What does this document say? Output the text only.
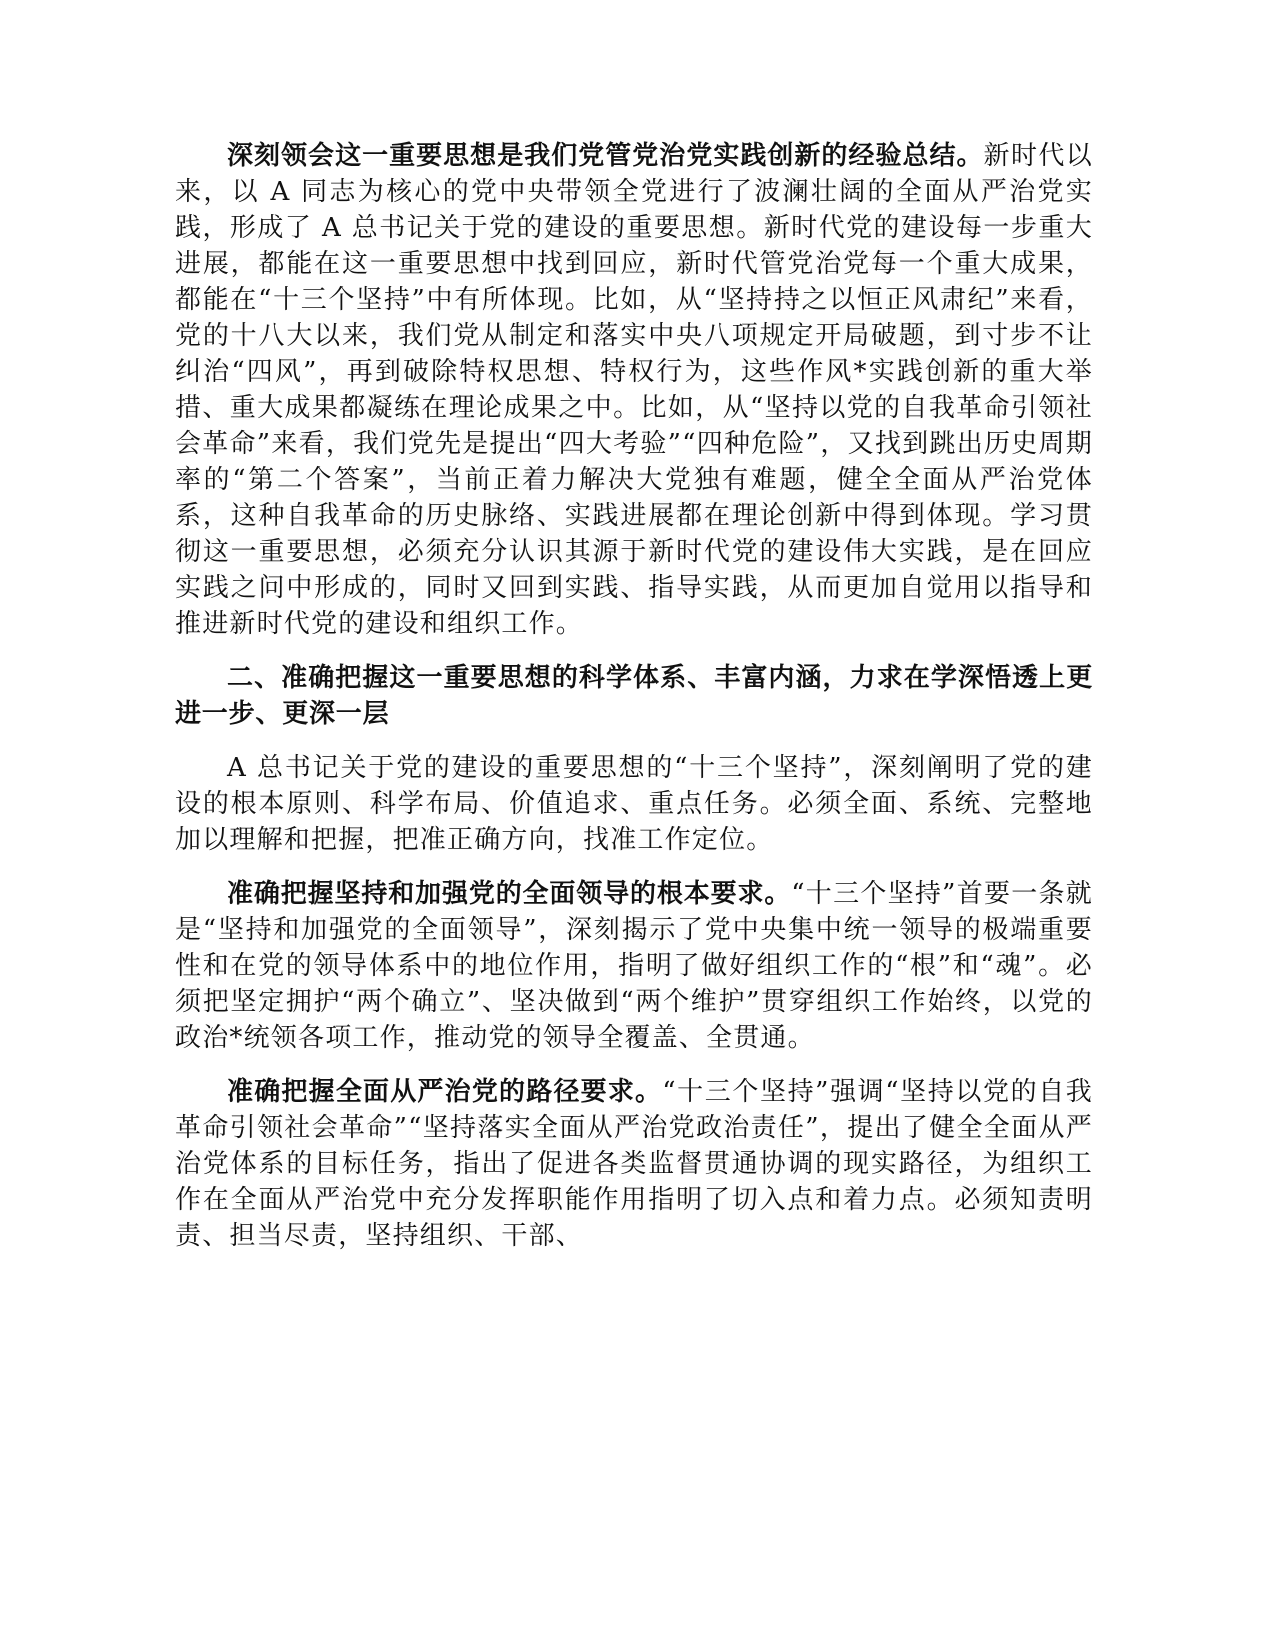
深刻领会这一重要思想是我们党管党治党实践创新的经验总结。新时代以来，以 A 同志为核心的党中央带领全党进行了波澜壮阔的全面从严治党实践，形成了 A 总书记关于党的建设的重要思想。新时代党的建设每一步重大进展，都能在这一重要思想中找到回应，新时代管党治党每一个重大成果，都能在“十三个坚持”中有所体现。比如，从“坚持持之以恒正风肃纪”来看，党的十八大以来，我们党从制定和落实中央八项规定开局破题，到寸步不让纠治“四风”，再到破除特权思想、特权行为，这些作风*实践创新的重大举措、重大成果都凝练在理论成果之中。比如，从“坚持以党的自我革命引领社会革命”来看，我们党先是提出“四大考验”“四种危险”，又找到跳出历史周期率的“第二个答案”，当前正着力解决大党独有难题，健全全面从严治党体系，这种自我革命的历史脉络、实践进展都在理论创新中得到体现。学习贯彻这一重要思想，必须充分认识其源于新时代党的建设伟大实践，是在回应实践之问中形成的，同时又回到实践、指导实践，从而更加自觉用以指导和推进新时代党的建设和组织工作。

二、准确把握这一重要思想的科学体系、丰富内涵，力求在学深悟透上更进一步、更深一层

A 总书记关于党的建设的重要思想的“十三个坚持”，深刻阐明了党的建设的根本原则、科学布局、价值追求、重点任务。必须全面、系统、完整地加以理解和把握，把准正确方向，找准工作定位。

准确把握坚持和加强党的全面领导的根本要求。“十三个坚持”首要一条就是“坚持和加强党的全面领导”，深刻揭示了党中央集中统一领导的极端重要性和在党的领导体系中的地位作用，指明了做好组织工作的“根”和“魂”。必须把坚定拥护“两个确立”、坚决做到“两个维护”贯穿组织工作始终，以党的政治*统领各项工作，推动党的领导全覆盖、全贯通。

准确把握全面从严治党的路径要求。“十三个坚持”强调“坚持以党的自我革命引领社会革命”“坚持落实全面从严治党政治责任”，提出了健全全面从严治党体系的目标任务，指出了促进各类监督贯通协调的现实路径，为组织工作在全面从严治党中充分发挥职能作用指明了切入点和着力点。必须知责明责、担当尽责，坚持组织、干部、
